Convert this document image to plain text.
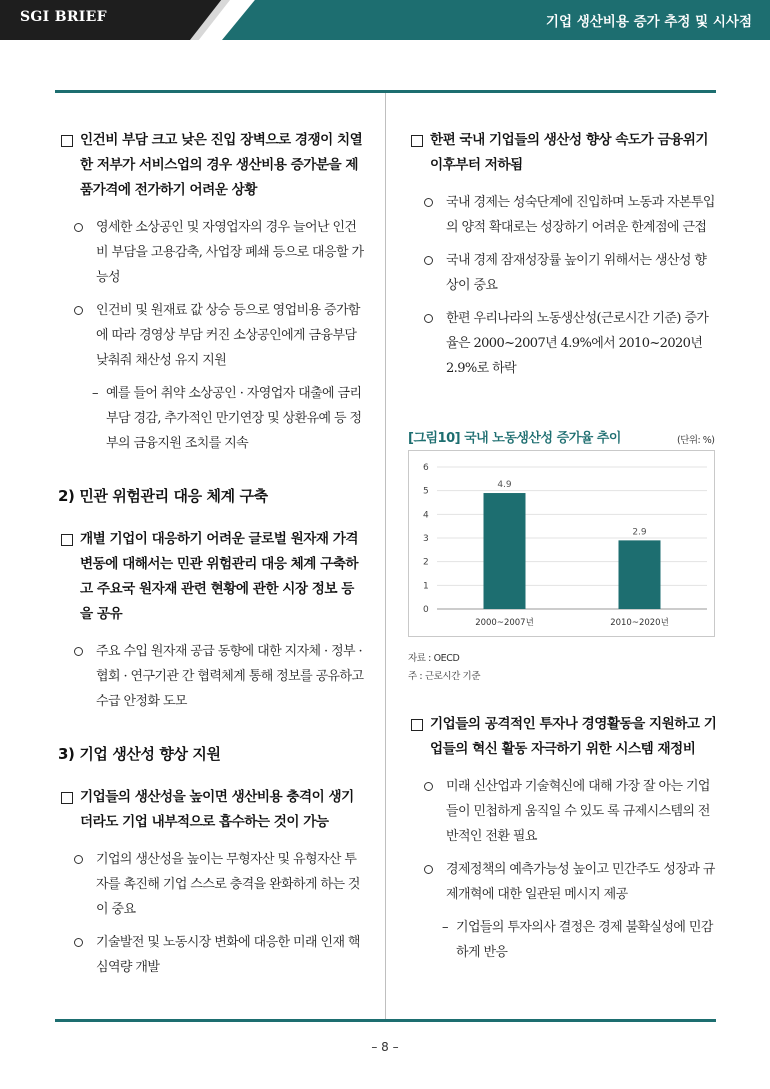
SGI BRIEF	기업 생산비용 증가 추정 및 시사점
인건비 부담 크고 낮은 진입 장벽으로 경쟁이 치열한 저부가 서비스업의 경우 생산비용 증가분을 제품가격에 전가하기 어려운 상황
영세한 소상공인 및 자영업자의 경우 늘어난 인건비 부담을 고용감축, 사업장 폐쇄 등으로 대응할 가능성
인건비 및 원재료 값 상승 등으로 영업비용 증가함에 따라 경영상 부담 커진 소상공인에게 금융부담 낮춰줘 채산성 유지 지원
– 예를 들어 취약 소상공인 · 자영업자 대출에 금리부담 경감, 추가적인 만기연장 및 상환유예 등 정부의 금융지원 조치를 지속
2) 민관 위험관리 대응 체계 구축
개별 기업이 대응하기 어려운 글로벌 원자재 가격변동에 대해서는 민관 위험관리 대응 체계 구축하고 주요국 원자재 관련 현황에 관한 시장 정보 등을 공유
주요 수입 원자재 공급 동향에 대한 지자체 · 정부 · 협회 · 연구기관 간 협력체계 통해 정보를 공유하고 수급 안정화 도모
3) 기업 생산성 향상 지원
기업들의 생산성을 높이면 생산비용 충격이 생기더라도 기업 내부적으로 흡수하는 것이 가능
기업의 생산성을 높이는 무형자산 및 유형자산 투자를 촉진해 기업 스스로 충격을 완화하게 하는 것이 중요
기술발전 및 노동시장 변화에 대응한 미래 인재 핵심역량 개발
한편 국내 기업들의 생산성 향상 속도가 금융위기 이후부터 저하됨
국내 경제는 성숙단계에 진입하며 노동과 자본투입의 양적 확대로는 성장하기 어려운 한계점에 근접
국내 경제 잠재성장률 높이기 위해서는 생산성 향상이 중요
한편 우리나라의 노동생산성(근로시간 기준) 증가율은 2000~2007년 4.9%에서 2010~2020년 2.9%로 하락
[그림10] 국내 노동생산성 증가율 추이	(단위: %)
0
1
2
3
4
5
6
4.9
2000~2007년
2.9
2010~2020년
자료 : OECD
주 : 근로시간 기준
기업들의 공격적인 투자나 경영활동을 지원하고 기업들의 혁신 활동 자극하기 위한 시스템 재정비
미래 신산업과 기술혁신에 대해 가장 잘 아는 기업들이 민첩하게 움직일 수 있도 록 규제시스템의 전반적인 전환 필요
경제정책의 예측가능성 높이고 민간주도 성장과 규제개혁에 대한 일관된 메시지 제공
– 기업들의 투자의사 결정은 경제 불확실성에 민감하게 반응
– 8 –
